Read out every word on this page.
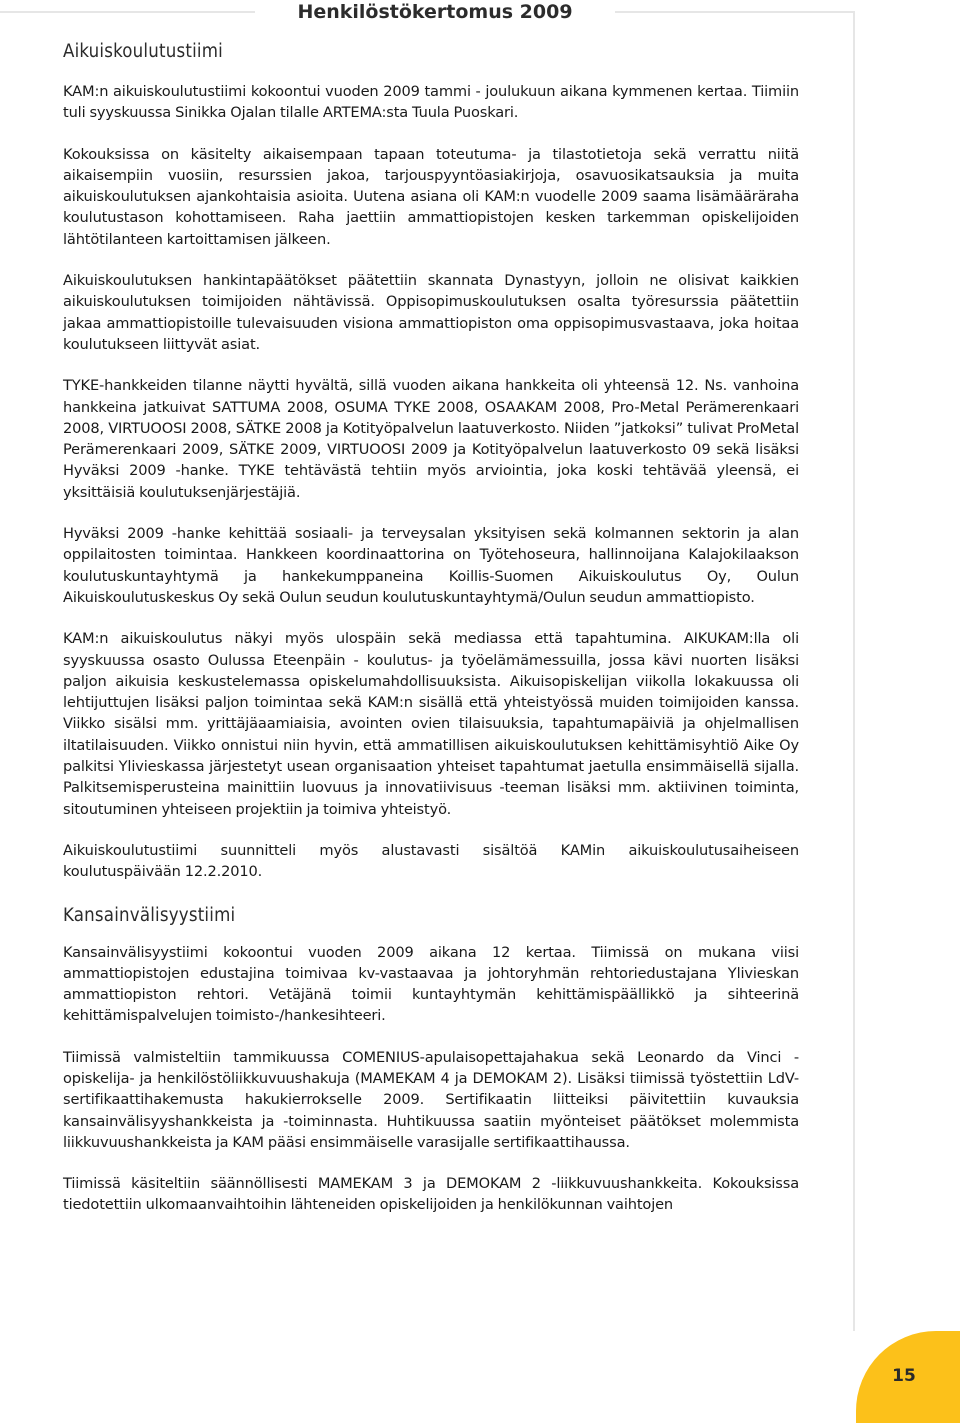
Henkilöstökertomus 2009
Aikuiskoulutustiimi

KAM:n aikuiskoulutustiimi kokoontui vuoden 2009 tammi - joulukuun aikana kymmenen kertaa. Tiimiin tuli syyskuussa Sinikka Ojalan tilalle ARTEMA:sta Tuula Puoskari.

Kokouksissa on käsitelty aikaisempaan tapaan toteutuma- ja tilastotietoja sekä verrattu niitä aikaisempiin vuosiin, resurssien jakoa, tarjouspyyntöasiakirjoja, osavuosikatsauksia ja muita aikuiskoulutuksen ajankohtaisia asioita. Uutena asiana oli KAM:n vuodelle 2009 saama lisämääräraha koulutustason kohottamiseen. Raha jaettiin ammattiopistojen kesken tarkemman opiskelijoiden lähtötilanteen kartoittamisen jälkeen.

Aikuiskoulutuksen hankintapäätökset päätettiin skannata Dynastyyn, jolloin ne olisivat kaikkien aikuiskoulutuksen toimijoiden nähtävissä. Oppisopimuskoulutuksen osalta työresurssia päätettiin jakaa ammattiopistoille tulevaisuuden visiona ammattiopiston oma oppisopimusvastaava, joka hoitaa koulutukseen liittyvät asiat.

TYKE-hankkeiden tilanne näytti hyvältä, sillä vuoden aikana hankkeita oli yhteensä 12. Ns. vanhoina hankkeina jatkuivat SATTUMA 2008, OSUMA TYKE 2008, OSAAKAM 2008, Pro-Metal Perämerenkaari 2008, VIRTUOOSI 2008, SÄTKE 2008 ja Kotityöpalvelun laatuverkosto. Niiden ”jatkoksi” tulivat ProMetal Perämerenkaari 2009, SÄTKE 2009, VIRTUOOSI 2009 ja Kotityöpalvelun laatuverkosto 09 sekä lisäksi Hyväksi 2009 -hanke. TYKE tehtävästä tehtiin myös arviointia, joka koski tehtävää yleensä, ei yksittäisiä koulutuksenjärjestäjiä.

Hyväksi 2009 -hanke kehittää sosiaali- ja terveysalan yksityisen sekä kolmannen sektorin ja alan oppilaitosten toimintaa. Hankkeen koordinaattorina on Työtehoseura, hallinnoijana Kalajokilaakson koulutuskuntayhtymä ja hankekumppaneina Koillis-Suomen Aikuiskoulutus Oy, Oulun Aikuiskoulutuskeskus Oy sekä Oulun seudun koulutuskuntayhtymä/Oulun seudun ammattiopisto.

KAM:n aikuiskoulutus näkyi myös ulospäin sekä mediassa että tapahtumina. AIKUKAM:lla oli syyskuussa osasto Oulussa Eteenpäin - koulutus- ja työelämämessuilla, jossa kävi nuorten lisäksi paljon aikuisia keskustelemassa opiskelumahdollisuuksista. Aikuisopiskelijan viikolla lokakuussa oli lehtijuttujen lisäksi paljon toimintaa sekä KAM:n sisällä että yhteistyössä muiden toimijoiden kanssa. Viikko sisälsi mm. yrittäjäaamiaisia, avointen ovien tilaisuuksia, tapahtumapäiviä ja ohjelmallisen iltatilaisuuden. Viikko onnistui niin hyvin, että ammatillisen aikuiskoulutuksen kehittämisyhtiö Aike Oy palkitsi Ylivieskassa järjestetyt usean organisaation yhteiset tapahtumat jaetulla ensimmäisellä sijalla. Palkitsemisperusteina mainittiin luovuus ja innovatiivisuus -teeman lisäksi mm. aktiivinen toiminta, sitoutuminen yhteiseen projektiin ja toimiva yhteistyö.

Aikuiskoulutustiimi suunnitteli myös alustavasti sisältöä KAMin aikuiskoulutusaiheiseen koulutuspäivään 12.2.2010.

Kansainvälisyystiimi

Kansainvälisyystiimi kokoontui vuoden 2009 aikana 12 kertaa. Tiimissä on mukana viisi ammattiopistojen edustajina toimivaa kv-vastaavaa ja johtoryhmän rehtoriedustajana Ylivieskan ammattiopiston rehtori. Vetäjänä toimii kuntayhtymän kehittämispäällikkö ja sihteerinä kehittämispalvelujen toimisto-/hankesihteeri.

Tiimissä valmisteltiin tammikuussa COMENIUS-apulaisopettajahakua sekä Leonardo da Vinci -opiskelija- ja henkilöstöliikkuvuushakuja (MAMEKAM 4 ja DEMOKAM 2). Lisäksi tiimissä työstettiin LdV-sertifikaattihakemusta hakukierrokselle 2009. Sertifikaatin liitteiksi päivitettiin kuvauksia kansainvälisyyshankkeista ja -toiminnasta. Huhtikuussa saatiin myönteiset päätökset molemmista liikkuvuushankkeista ja KAM pääsi ensimmäiselle varasijalle sertifikaattihaussa.

Tiimissä käsiteltiin säännöllisesti MAMEKAM 3 ja DEMOKAM 2 -liikkuvuushankkeita. Kokouksissa tiedotettiin ulkomaanvaihtoihin lähteneiden opiskelijoiden ja henkilökunnan vaihtojen

15
